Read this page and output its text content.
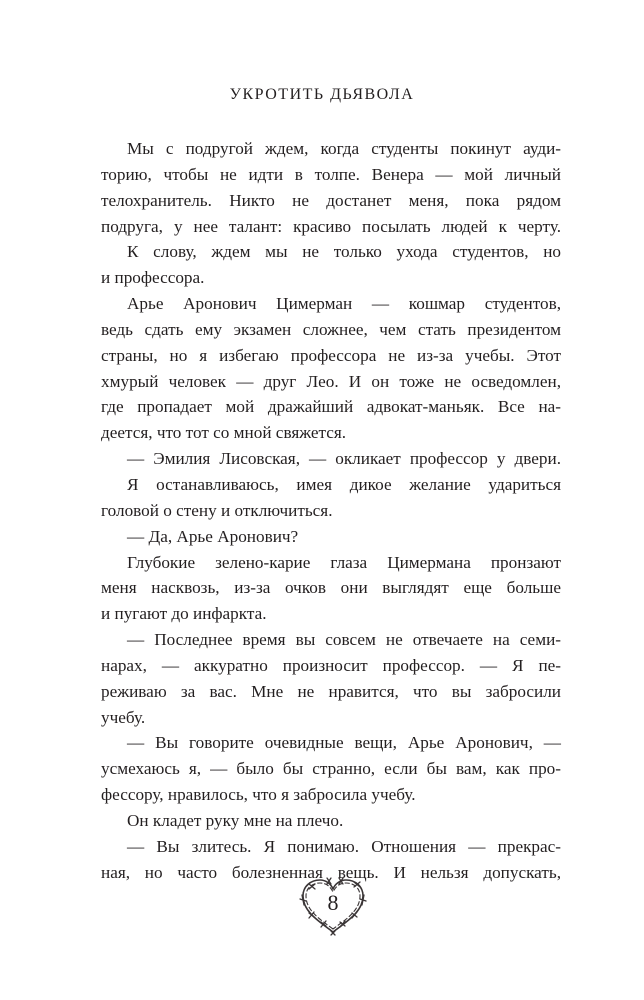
УКРОТИТЬ ДЬЯВОЛА
Мы с подругой ждем, когда студенты покинут ауди-
торию, чтобы не идти в толпе. Венера — мой личный
телохранитель. Никто не достанет меня, пока рядом
подруга, у нее талант: красиво посылать людей к черту.
К слову, ждем мы не только ухода студентов, но
и профессора.
Арье Аронович Цимерман — кошмар студентов,
ведь сдать ему экзамен сложнее, чем стать президентом
страны, но я избегаю профессора не из-за учебы. Этот
хмурый человек — друг Лео. И он тоже не осведомлен,
где пропадает мой дражайший адвокат-маньяк. Все на-
деется, что тот со мной свяжется.
— Эмилия Лисовская, — окликает профессор у двери.
Я останавливаюсь, имея дикое желание удариться
головой о стену и отключиться.
— Да, Арье Аронович?
Глубокие зелено-карие глаза Цимермана пронзают
меня насквозь, из-за очков они выглядят еще больше
и пугают до инфаркта.
— Последнее время вы совсем не отвечаете на семи-
нарах, — аккуратно произносит профессор. — Я пе-
реживаю за вас. Мне не нравится, что вы забросили
учебу.
— Вы говорите очевидные вещи, Арье Аронович, —
усмехаюсь я, — было бы странно, если бы вам, как про-
фессору, нравилось, что я забросила учебу.
Он кладет руку мне на плечо.
— Вы злитесь. Я понимаю. Отношения — прекрас-
ная, но часто болезненная вещь. И нельзя допускать,
8
